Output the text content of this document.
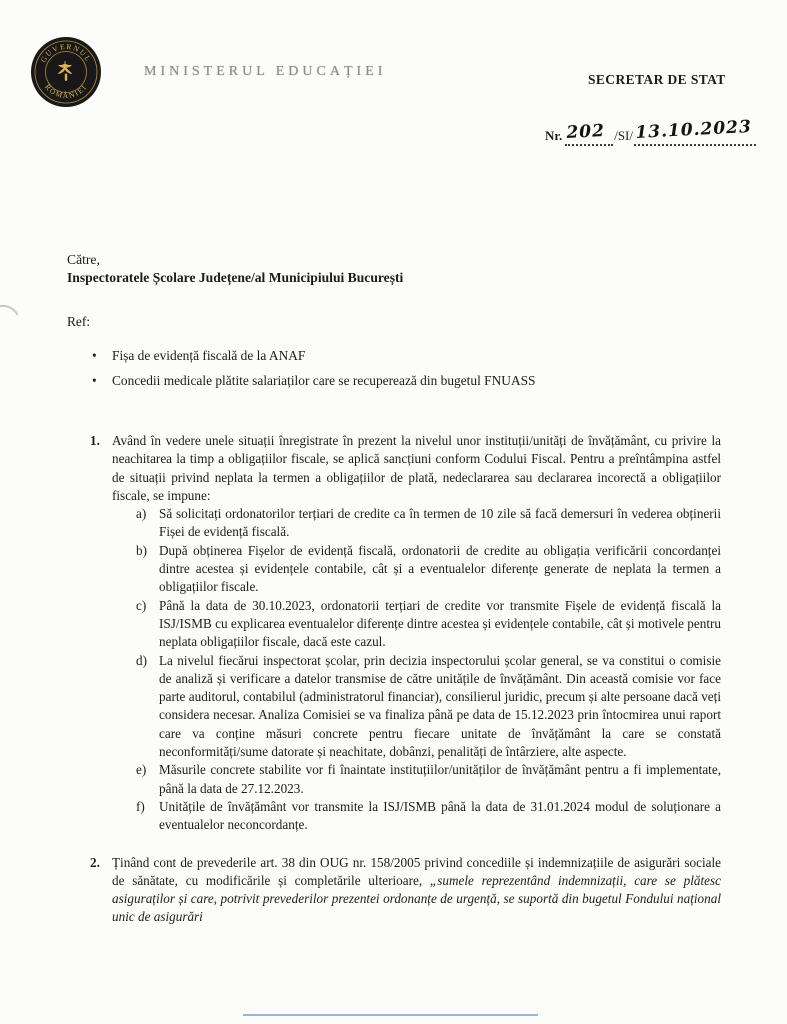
GUVERNUL
ROMÂNIEI
MINISTERUL EDUCAȚIEI
SECRETAR DE STAT
Nr. 202 /SI/ 13.10.2023
Către,
Inspectoratele Școlare Județene/al Municipiului București
Ref:
•	Fișa de evidență fiscală de la ANAF
•	Concedii medicale plătite salariaților care se recuperează din bugetul FNUASS
1. Având în vedere unele situații înregistrate în prezent la nivelul unor instituții/unități de învățământ, cu privire la neachitarea la timp a obligațiilor fiscale, se aplică sancțiuni conform Codului Fiscal. Pentru a preîntâmpina astfel de situații privind neplata la termen a obligațiilor de plată, nedeclararea sau declararea incorectă a obligațiilor fiscale, se impune:
a) Să solicitați ordonatorilor terțiari de credite ca în termen de 10 zile să facă demersuri în vederea obținerii Fișei de evidență fiscală.
b) După obținerea Fișelor de evidență fiscală, ordonatorii de credite au obligația verificării concordanței dintre acestea și evidențele contabile, cât și a eventualelor diferențe generate de neplata la termen a obligațiilor fiscale.
c) Până la data de 30.10.2023, ordonatorii terțiari de credite vor transmite Fișele de evidență fiscală la ISJ/ISMB cu explicarea eventualelor diferențe dintre acestea și evidențele contabile, cât și motivele pentru neplata obligațiilor fiscale, dacă este cazul.
d) La nivelul fiecărui inspectorat școlar, prin decizia inspectorului școlar general, se va constitui o comisie de analiză și verificare a datelor transmise de către unitățile de învățământ. Din această comisie vor face parte auditorul, contabilul (administratorul financiar), consilierul juridic, precum și alte persoane dacă veți considera necesar. Analiza Comisiei se va finaliza până pe data de 15.12.2023 prin întocmirea unui raport care va conține măsuri concrete pentru fiecare unitate de învățământ la care se constată neconformități/sume datorate și neachitate, dobânzi, penalități de întârziere, alte aspecte.
e) Măsurile concrete stabilite vor fi înaintate instituțiilor/unităților de învățământ pentru a fi implementate, până la data de 27.12.2023.
f)	Unitățile de învățământ vor transmite la ISJ/ISMB până la data de 31.01.2024 modul de soluționare a eventualelor neconcordanțe.
2. Ținând cont de prevederile art. 38 din OUG nr. 158/2005 privind concediile și indemnizațiile de asigurări sociale de sănătate, cu modificările și completările ulterioare, „sumele reprezentând indemnizații, care se plătesc asiguraților și care, potrivit prevederilor prezentei ordonanțe de urgență, se suportă din bugetul Fondului național unic de asigurări
